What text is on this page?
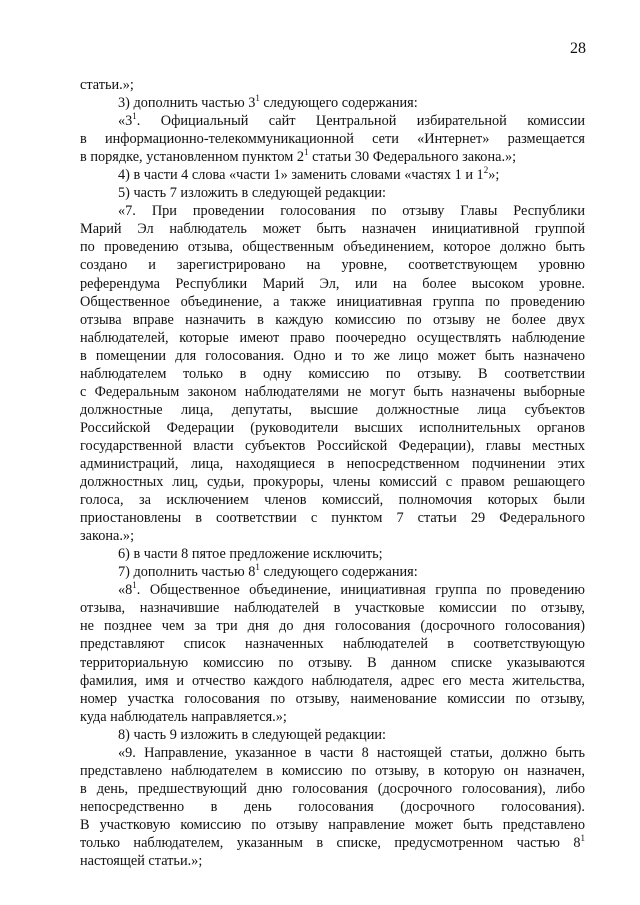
28
статьи.»;
3) дополнить частью $3^1$ следующего содержания:
«$3^1$. Официальный сайт Центральной избирательной комиссии
в информационно-телекоммуникационной сети «Интернет» размещается
в порядке, установленном пунктом $2^1$ статьи 30 Федерального закона.»;
4) в части 4 слова «части 1» заменить словами «частях 1 и $1^2$»;
5) часть 7 изложить в следующей редакции:
«7. При проведении голосования по отзыву Главы Республики
Марий Эл наблюдатель может быть назначен инициативной группой
по проведению отзыва, общественным объединением, которое должно быть
создано и зарегистрировано на уровне, соответствующем уровню
референдума Республики Марий Эл, или на более высоком уровне.
Общественное объединение, а также инициативная группа по проведению
отзыва вправе назначить в каждую комиссию по отзыву не более двух
наблюдателей, которые имеют право поочередно осуществлять наблюдение
в помещении для голосования. Одно и то же лицо может быть назначено
наблюдателем только в одну комиссию по отзыву. В соответствии
с Федеральным законом наблюдателями не могут быть назначены выборные
должностные лица, депутаты, высшие должностные лица субъектов
Российской Федерации (руководители высших исполнительных органов
государственной власти субъектов Российской Федерации), главы местных
администраций, лица, находящиеся в непосредственном подчинении этих
должностных лиц, судьи, прокуроры, члены комиссий с правом решающего
голоса, за исключением членов комиссий, полномочия которых были
приостановлены в соответствии с пунктом 7 статьи 29 Федерального
закона.»;
6) в части 8 пятое предложение исключить;
7) дополнить частью $8^1$ следующего содержания:
«$8^1$. Общественное объединение, инициативная группа по проведению
отзыва, назначившие наблюдателей в участковые комиссии по отзыву,
не позднее чем за три дня до дня голосования (досрочного голосования)
представляют список назначенных наблюдателей в соответствующую
территориальную комиссию по отзыву. В данном списке указываются
фамилия, имя и отчество каждого наблюдателя, адрес его места жительства,
номер участка голосования по отзыву, наименование комиссии по отзыву,
куда наблюдатель направляется.»;
8) часть 9 изложить в следующей редакции:
«9. Направление, указанное в части 8 настоящей статьи, должно быть
представлено наблюдателем в комиссию по отзыву, в которую он назначен,
в день, предшествующий дню голосования (досрочного голосования), либо
непосредственно в день голосования (досрочного голосования).
В участковую комиссию по отзыву направление может быть представлено
только наблюдателем, указанным в списке, предусмотренном частью $8^1$
настоящей статьи.»;
